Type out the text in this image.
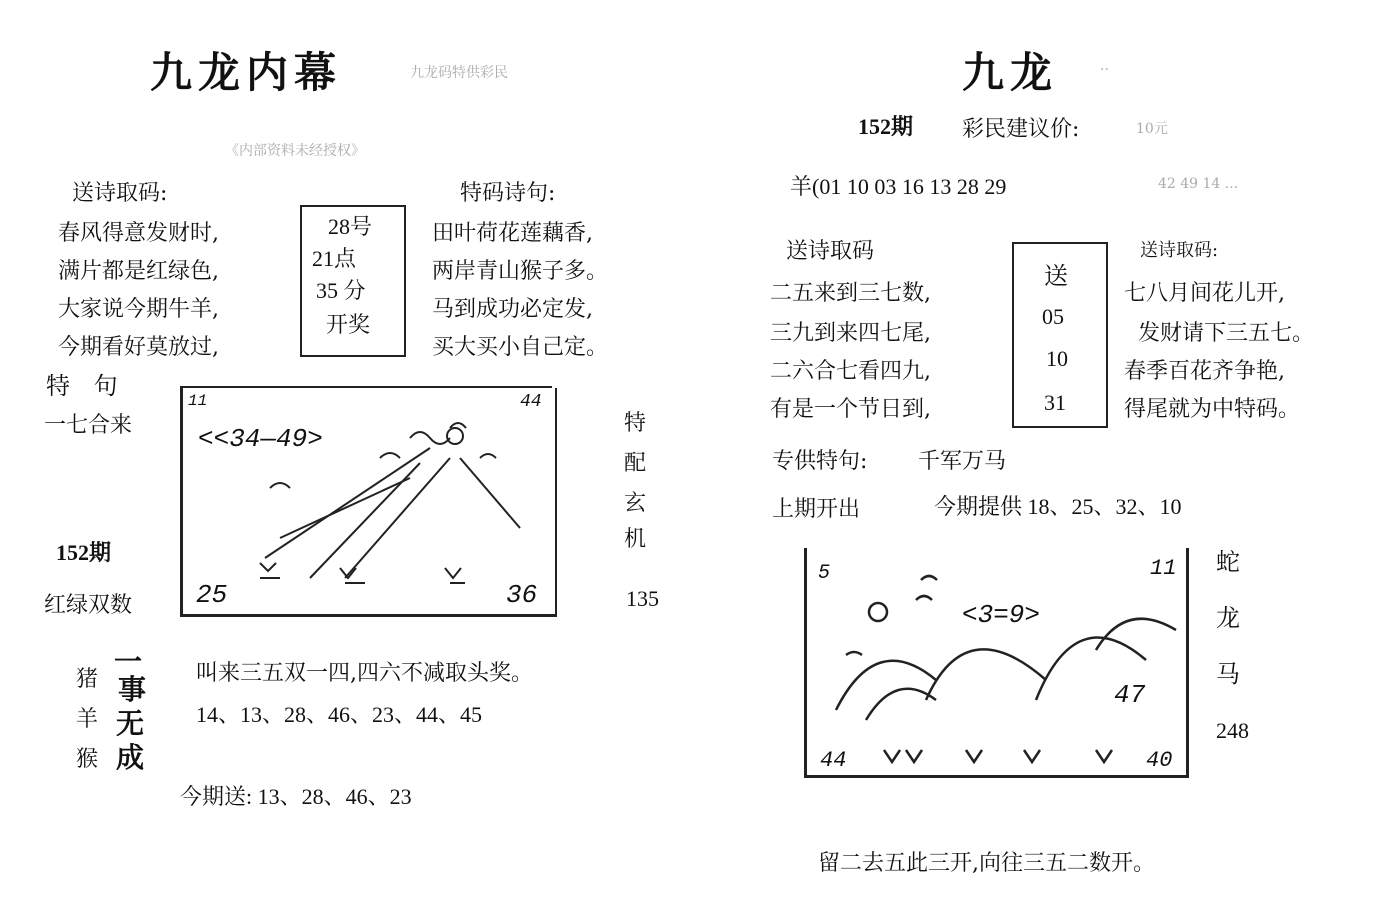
九龙内幕	九龙码特供彩民
《内部资料未经授权》
送诗取码:	特码诗句:
春风得意发财时,
满片都是红绿色,
大家说今期牛羊,
今期看好莫放过,
28号
21点
35 分
开奖
田叶荷花莲藕香,
两岸青山猴子多。
马到成功必定发,
买大买小自己定。
特 句
一七合来
152期
红绿双数
11	44
25	36
<<34—49>
特
配
玄
机
135
猪
羊
猴
一
事
无
成
叫来三五双一四,四六不减取头奖。
14、13、28、46、23、44、45
今期送: 13、28、46、23
九龙	··
152期 彩民建议价:	10元
羊(01 10 03 16 13 28 29	42 49 14 ...
送诗取码	送诗取码:
二五来到三七数,
三九到来四七尾,
二六合七看四九,
有是一个节日到,
送
05
10
31
七八月间花儿开,
发财请下三五七。
春季百花齐争艳,
得尾就为中特码。
专供特句: 千军万马
上期开出	今期提供 18、25、32、10
5	11
44	40
<3=9>
47
蛇
龙
马
248
留二去五此三开,向往三五二数开。
